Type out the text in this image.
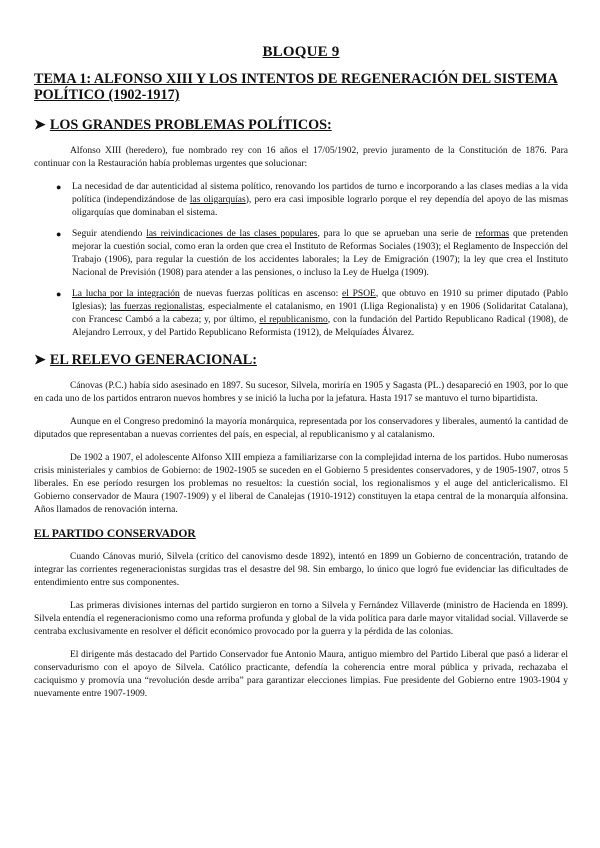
BLOQUE 9
TEMA 1: ALFONSO XIII Y LOS INTENTOS DE REGENERACIÓN DEL SISTEMA POLÍTICO (1902-1917)
➤ LOS GRANDES PROBLEMAS POLÍTICOS:

Alfonso XIII (heredero), fue nombrado rey con 16 años el 17/05/1902, previo juramento de la Constitución de 1876. Para continuar con la Restauración había problemas urgentes que solucionar:

● La necesidad de dar autenticidad al sistema político, renovando los partidos de turno e incorporando a las clases medias a la vida política (independizándose de las oligarquías), pero era casi imposible lograrlo porque el rey dependía del apoyo de las mismas oligarquías que dominaban el sistema.
● Seguir atendiendo las reivindicaciones de las clases populares, para lo que se aprueban una serie de reformas que pretenden mejorar la cuestión social, como eran la orden que crea el Instituto de Reformas Sociales (1903); el Reglamento de Inspección del Trabajo (1906), para regular la cuestión de los accidentes laborales; la Ley de Emigración (1907); la ley que crea el Instituto Nacional de Previsión (1908) para atender a las pensiones, o incluso la Ley de Huelga (1909).
● La lucha por la integración de nuevas fuerzas políticas en ascenso: el PSOE, que obtuvo en 1910 su primer diputado (Pablo Iglesias); las fuerzas regionalistas, especialmente el catalanismo, en 1901 (Lliga Regionalista) y en 1906 (Solidaritat Catalana), con Francesc Cambó a la cabeza; y, por último, el republicanismo, con la fundación del Partido Republicano Radical (1908), de Alejandro Lerroux, y del Partido Republicano Reformista (1912), de Melquíades Álvarez.
➤ EL RELEVO GENERACIONAL:

Cánovas (P.C.) había sido asesinado en 1897. Su sucesor, Silvela, moriría en 1905 y Sagasta (PL.) desapareció en 1903, por lo que en cada uno de los partidos entraron nuevos hombres y se inició la lucha por la jefatura. Hasta 1917 se mantuvo el turno bipartidista.

Aunque en el Congreso predominó la mayoría monárquica, representada por los conservadores y liberales, aumentó la cantidad de diputados que representaban a nuevas corrientes del país, en especial, al republicanismo y al catalanismo.

De 1902 a 1907, el adolescente Alfonso XIII empieza a familiarizarse con la complejidad interna de los partidos. Hubo numerosas crisis ministeriales y cambios de Gobierno: de 1902-1905 se suceden en el Gobierno 5 presidentes conservadores, y de 1905-1907, otros 5 liberales. En ese período resurgen los problemas no resueltos: la cuestión social, los regionalismos y el auge del anticlericalismo. El Gobierno conservador de Maura (1907-1909) y el liberal de Canalejas (1910-1912) constituyen la etapa central de la monarquía alfonsina. Años llamados de renovación interna.

EL PARTIDO CONSERVADOR

Cuando Cánovas murió, Silvela (crítico del canovismo desde 1892), intentó en 1899 un Gobierno de concentración, tratando de integrar las corrientes regeneracionistas surgidas tras el desastre del 98. Sin embargo, lo único que logró fue evidenciar las dificultades de entendimiento entre sus componentes.

Las primeras divisiones internas del partido surgieron en torno a Silvela y Fernández Villaverde (ministro de Hacienda en 1899). Silvela entendía el regeneracionismo como una reforma profunda y global de la vida política para darle mayor vitalidad social. Villaverde se centraba exclusivamente en resolver el déficit económico provocado por la guerra y la pérdida de las colonias.

El dirigente más destacado del Partido Conservador fue Antonio Maura, antiguo miembro del Partido Liberal que pasó a liderar el conservadurismo con el apoyo de Silvela. Católico practicante, defendía la coherencia entre moral pública y privada, rechazaba el caciquismo y promovía una “revolución desde arriba” para garantizar elecciones limpias. Fue presidente del Gobierno entre 1903-1904 y nuevamente entre 1907-1909.
